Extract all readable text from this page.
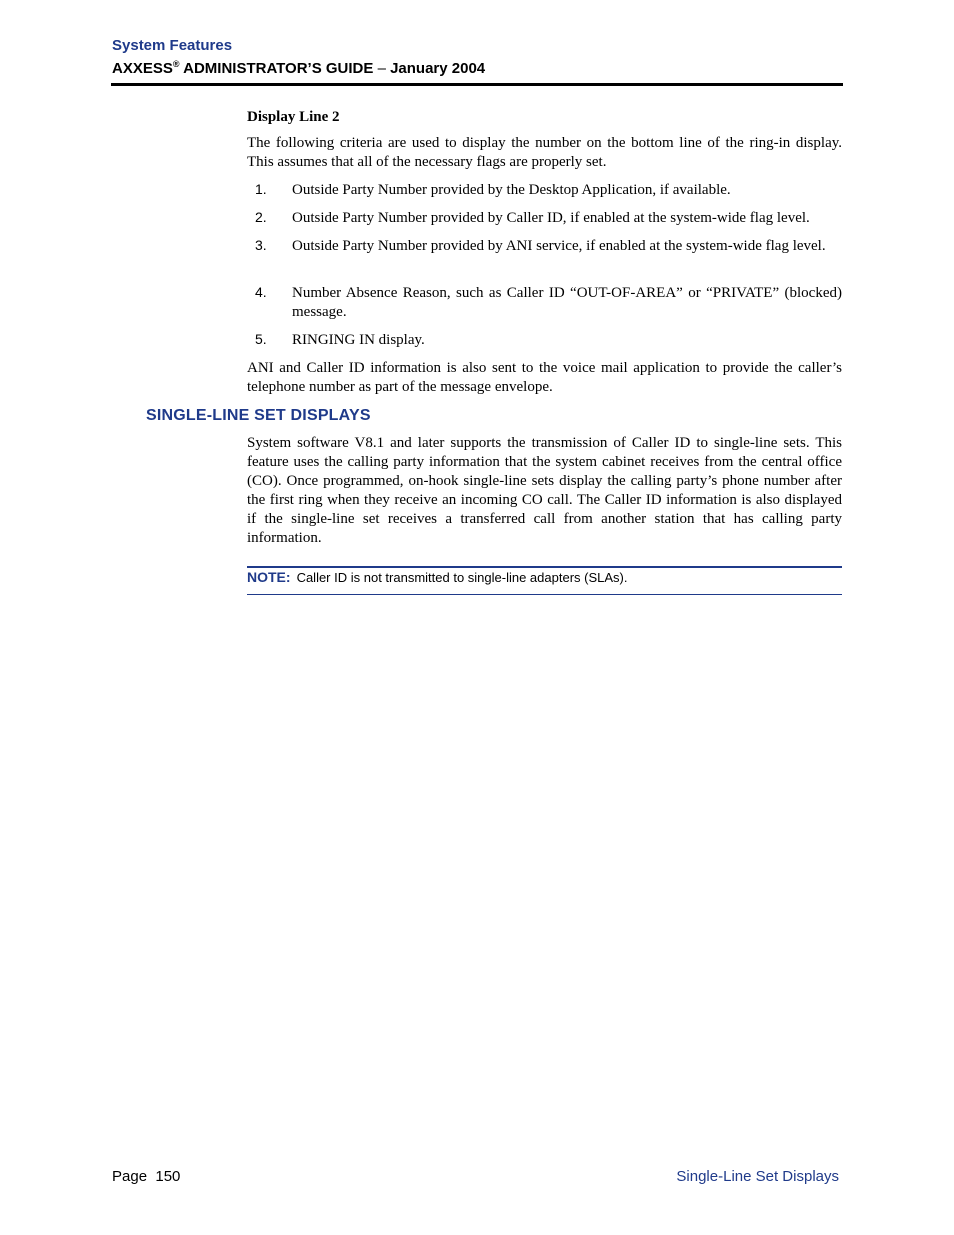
System Features
AXXESS® ADMINISTRATOR’S GUIDE – January 2004
Display Line 2
The following criteria are used to display the number on the bottom line of the ring-in display. This assumes that all of the necessary flags are properly set.
1. Outside Party Number provided by the Desktop Application, if available.
2. Outside Party Number provided by Caller ID, if enabled at the system-wide flag level.
3. Outside Party Number provided by ANI service, if enabled at the system-wide flag level.
4. Number Absence Reason, such as Caller ID “OUT-OF-AREA” or “PRIVATE” (blocked) message.
5. RINGING IN display.
ANI and Caller ID information is also sent to the voice mail application to provide the caller’s telephone number as part of the message envelope.
SINGLE-LINE SET DISPLAYS
System software V8.1 and later supports the transmission of Caller ID to single-line sets. This feature uses the calling party information that the system cabinet receives from the central office (CO). Once programmed, on-hook single-line sets display the calling party’s phone number after the first ring when they receive an incoming CO call. The Caller ID information is also displayed if the single-line set receives a transferred call from another station that has calling party information.
NOTE: Caller ID is not transmitted to single-line adapters (SLAs).
Page  150	Single-Line Set Displays
